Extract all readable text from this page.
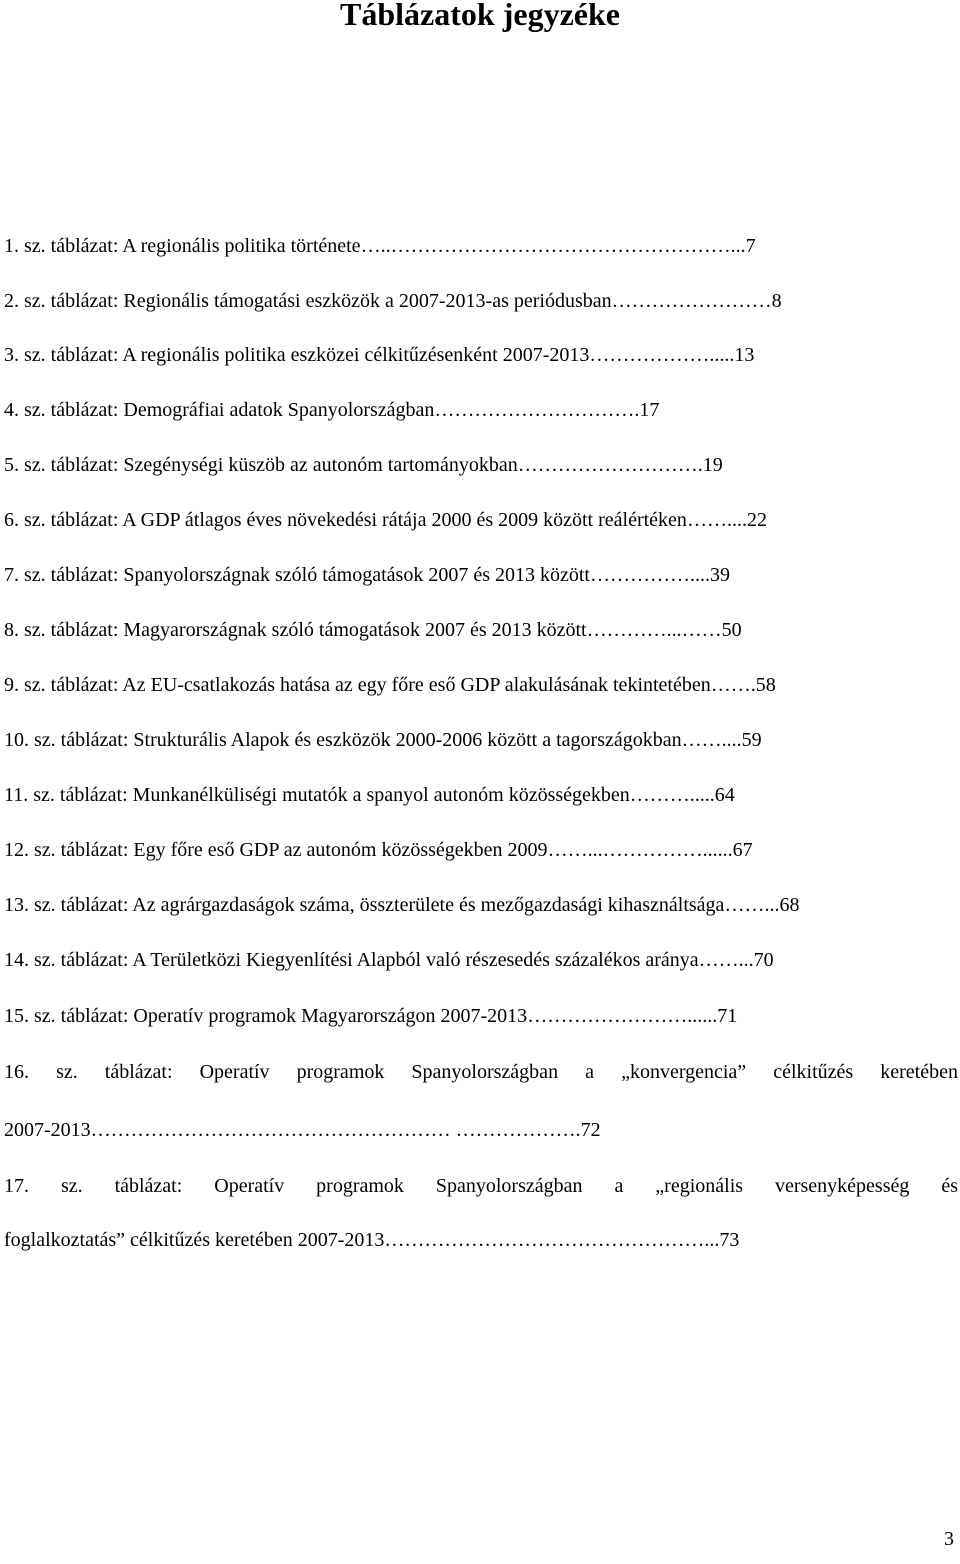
Táblázatok jegyzéke
1. sz. táblázat: A regionális politika története…..……………………………………………...7
2. sz. táblázat: Regionális támogatási eszközök a 2007-2013-as periódusban……………………8
3. sz. táblázat: A regionális politika eszközei célkitűzésenként 2007-2013……………….....13
4. sz. táblázat: Demográfiai adatok Spanyolországban………………………….17
5. sz. táblázat: Szegénységi küszöb az autonóm tartományokban……………………….19
6. sz. táblázat: A GDP átlagos éves növekedési rátája 2000 és 2009 között reálértéken……....22
7. sz. táblázat: Spanyolországnak szóló támogatások 2007 és 2013 között……………....39
8. sz. táblázat: Magyarországnak szóló támogatások 2007 és 2013 között…………...……50
9. sz. táblázat: Az EU-csatlakozás hatása az egy főre eső GDP alakulásának tekintetében…….58
10. sz. táblázat: Strukturális Alapok és eszközök 2000-2006 között a tagországokban……....59
11. sz. táblázat: Munkanélküliségi mutatók a spanyol autonóm közösségekben……….....64
12. sz. táblázat: Egy főre eső GDP az autonóm közösségekben 2009……...……………......67
13. sz. táblázat: Az agrárgazdaságok száma, összterülete és mezőgazdasági kihasználtsága……...68
14. sz. táblázat: A Területközi Kiegyenlítési Alapból való részesedés százalékos aránya……...70
15. sz. táblázat: Operatív programok Magyarországon 2007-2013……………………......71
16. sz. táblázat: Operatív programok Spanyolországban a „konvergencia” célkitűzés keretében
2007-2013……………………………………………… ……………….72
17. sz. táblázat: Operatív programok Spanyolországban a „regionális versenyképesség és
foglalkoztatás” célkitűzés keretében 2007-2013…………………………………………...73
3
